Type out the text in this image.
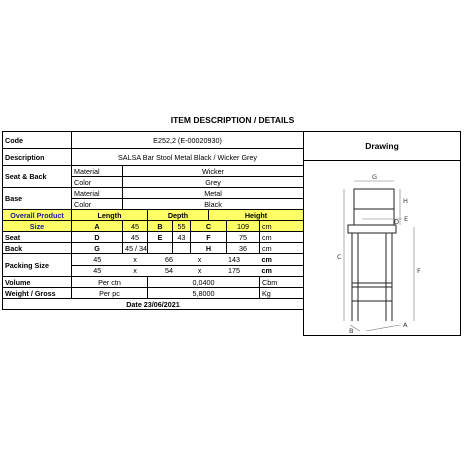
ITEM DESCRIPTION / DETAILS
Code	E252,2 (E-00020930)							
Description	SALSA Bar Stool Metal Black / Wicker Grey							
Seat & Back	Material	Wicker						
	Color	Grey						
Base	Material	Metal						
	Color	Black						
Overall Product	Length		Depth			Height		
Size	A	45	B	55	C		109	cm
Seat	D	45	E	43	F		75	cm
Back	G	45 / 34			H		36	cm
Packing Size	45	x	66		x	143		cm
	45	x	54		x	175		cm
Volume	Per ctn		0,0400					Cbm
Weight / Gross	Per pc		5,8000					Kg
Date 23/06/2021								
Drawing
G
H
E
D
C
F
B
A
